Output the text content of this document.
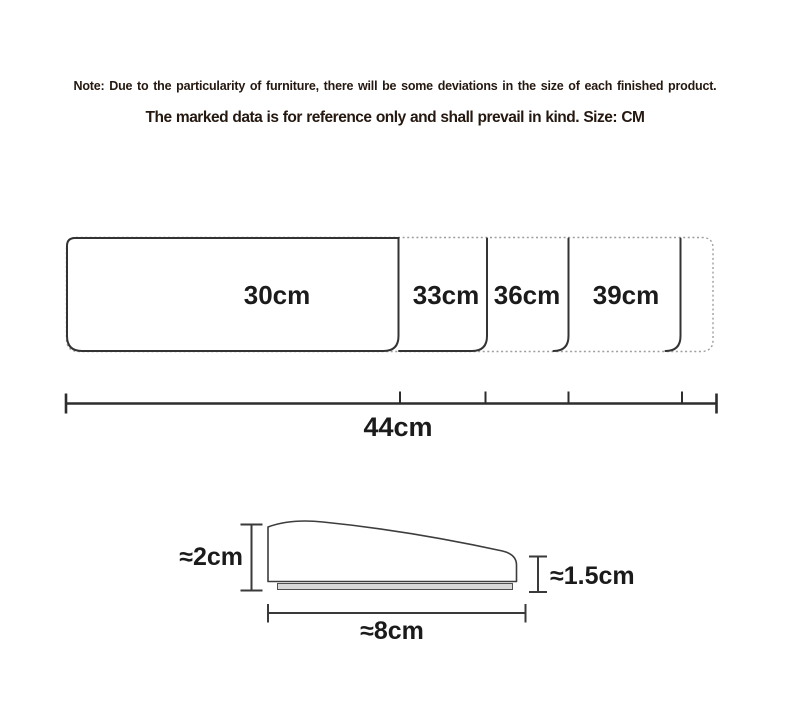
Note: Due to the particularity of furniture, there will be some deviations in the size of each finished product.

The marked data is for reference only and shall prevail in kind. Size: CM

30cm	33cm 36cm 39cm
44cm
≈2cm
≈1.5cm
≈8cm
